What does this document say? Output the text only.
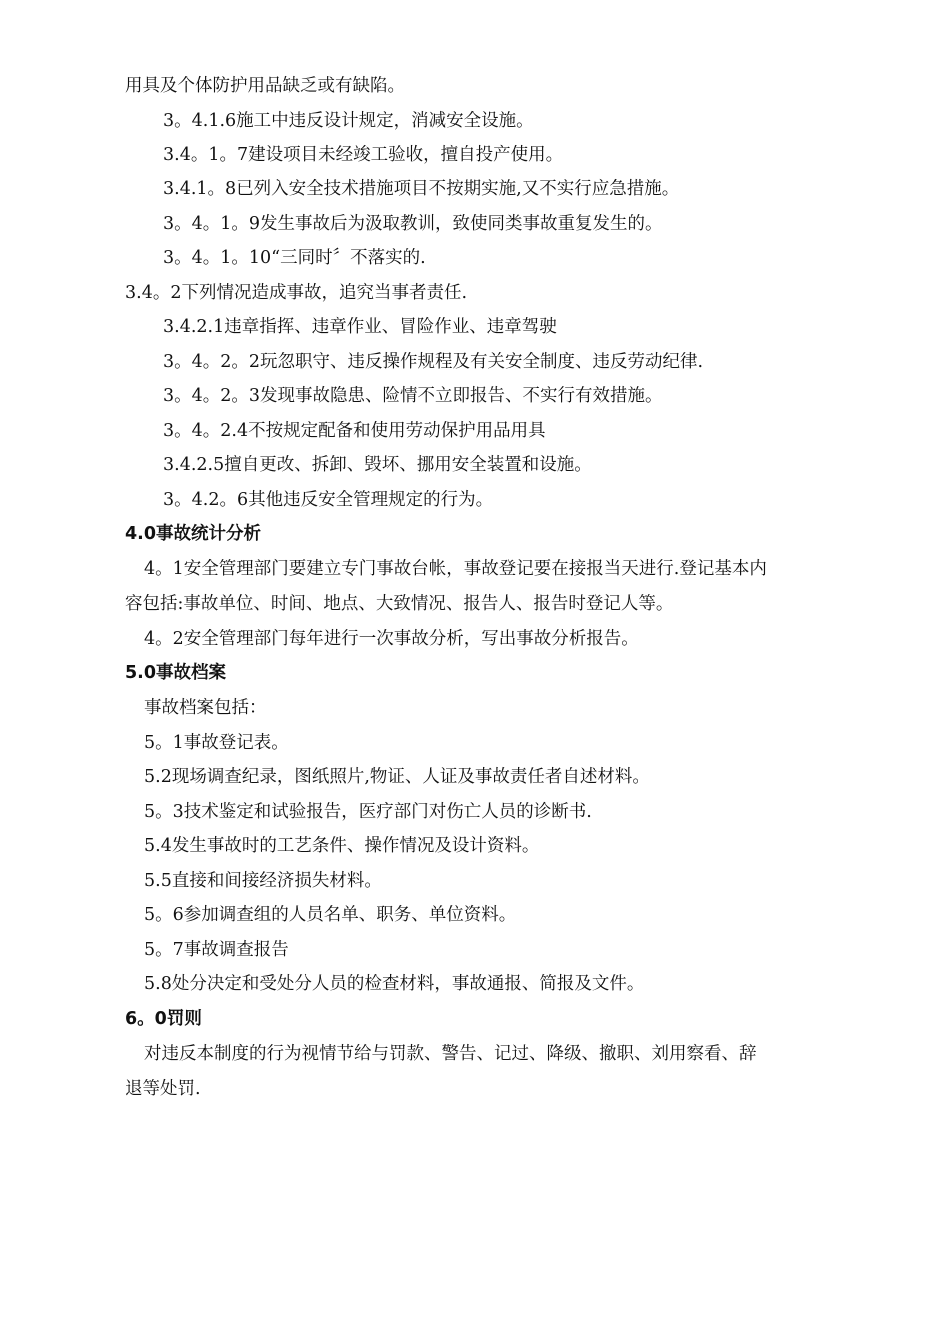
用具及个体防护用品缺乏或有缺陷。

3。4.1.6施工中违反设计规定，消减安全设施。

3.4。1。7建设项目未经竣工验收，擅自投产使用。

3.4.1。8已列入安全技术措施项目不按期实施,又不实行应急措施。

3。4。1。9发生事故后为汲取教训，致使同类事故重复发生的。

3。4。1。10“三同时〞不落实的.

3.4。2下列情况造成事故，追究当事者责任.

3.4.2.1违章指挥、违章作业、冒险作业、违章驾驶

3。4。2。2玩忽职守、违反操作规程及有关安全制度、违反劳动纪律.

3。4。2。3发现事故隐患、险情不立即报告、不实行有效措施。

3。4。2.4不按规定配备和使用劳动保护用品用具

3.4.2.5擅自更改、拆卸、毁坏、挪用安全装置和设施。

3。4.2。6其他违反安全管理规定的行为。

4.0事故统计分析

4。1安全管理部门要建立专门事故台帐，事故登记要在接报当天进行.登记基本内

容包括:事故单位、时间、地点、大致情况、报告人、报告时登记人等。

4。2安全管理部门每年进行一次事故分析，写出事故分析报告。

5.0事故档案

事故档案包括：

5。1事故登记表。

5.2现场调查纪录，图纸照片,物证、人证及事故责任者自述材料。

5。3技术鉴定和试验报告，医疗部门对伤亡人员的诊断书.

5.4发生事故时的工艺条件、操作情况及设计资料。

5.5直接和间接经济损失材料。

5。6参加调查组的人员名单、职务、单位资料。

5。7事故调查报告

5.8处分决定和受处分人员的检查材料，事故通报、简报及文件。

6。0罚则

对违反本制度的行为视情节给与罚款、警告、记过、降级、撤职、刘用察看、辞

退等处罚.
